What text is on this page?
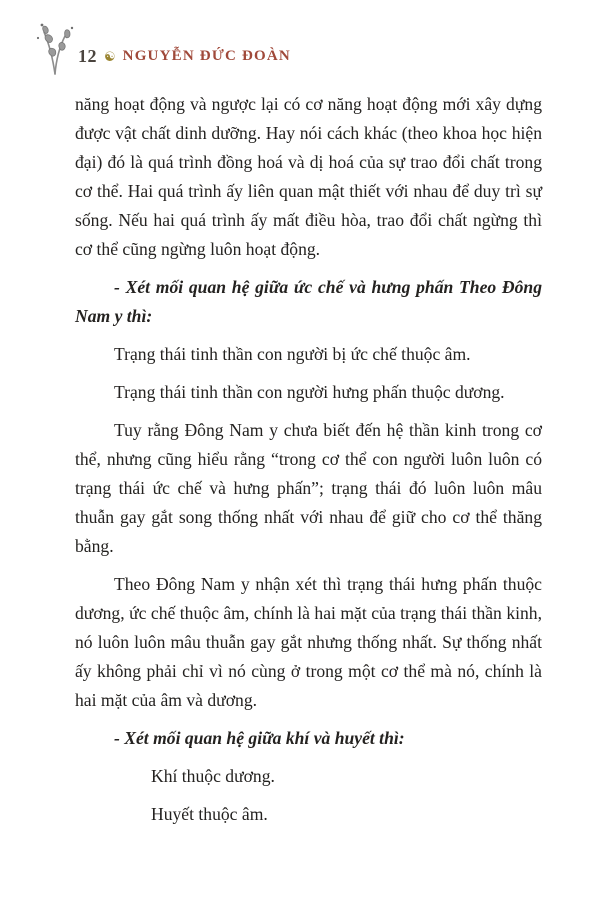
12 ☯ NGUYỄN ĐỨC ĐOÀN

năng hoạt động và ngược lại có cơ năng hoạt động mới xây dựng được vật chất dinh dưỡng. Hay nói cách khác (theo khoa học hiện đại) đó là quá trình đồng hoá và dị hoá của sự trao đổi chất trong cơ thể. Hai quá trình ấy liên quan mật thiết với nhau để duy trì sự sống. Nếu hai quá trình ấy mất điều hòa, trao đổi chất ngừng thì cơ thể cũng ngừng luôn hoạt động.

- Xét mối quan hệ giữa ức chế và hưng phấn Theo Đông Nam y thì:

Trạng thái tinh thần con người bị ức chế thuộc âm.

Trạng thái tinh thần con người hưng phấn thuộc dương.

Tuy rằng Đông Nam y chưa biết đến hệ thần kinh trong cơ thể, nhưng cũng hiểu rằng “trong cơ thể con người luôn luôn có trạng thái ức chế và hưng phấn”; trạng thái đó luôn luôn mâu thuẫn gay gắt song thống nhất với nhau để giữ cho cơ thể thăng bằng.

Theo Đông Nam y nhận xét thì trạng thái hưng phấn thuộc dương, ức chế thuộc âm, chính là hai mặt của trạng thái thần kinh, nó luôn luôn mâu thuẫn gay gắt nhưng thống nhất. Sự thống nhất ấy không phải chỉ vì nó cùng ở trong một cơ thể mà nó, chính là hai mặt của âm và dương.

- Xét mối quan hệ giữa khí và huyết thì:

Khí thuộc dương.

Huyết thuộc âm.
